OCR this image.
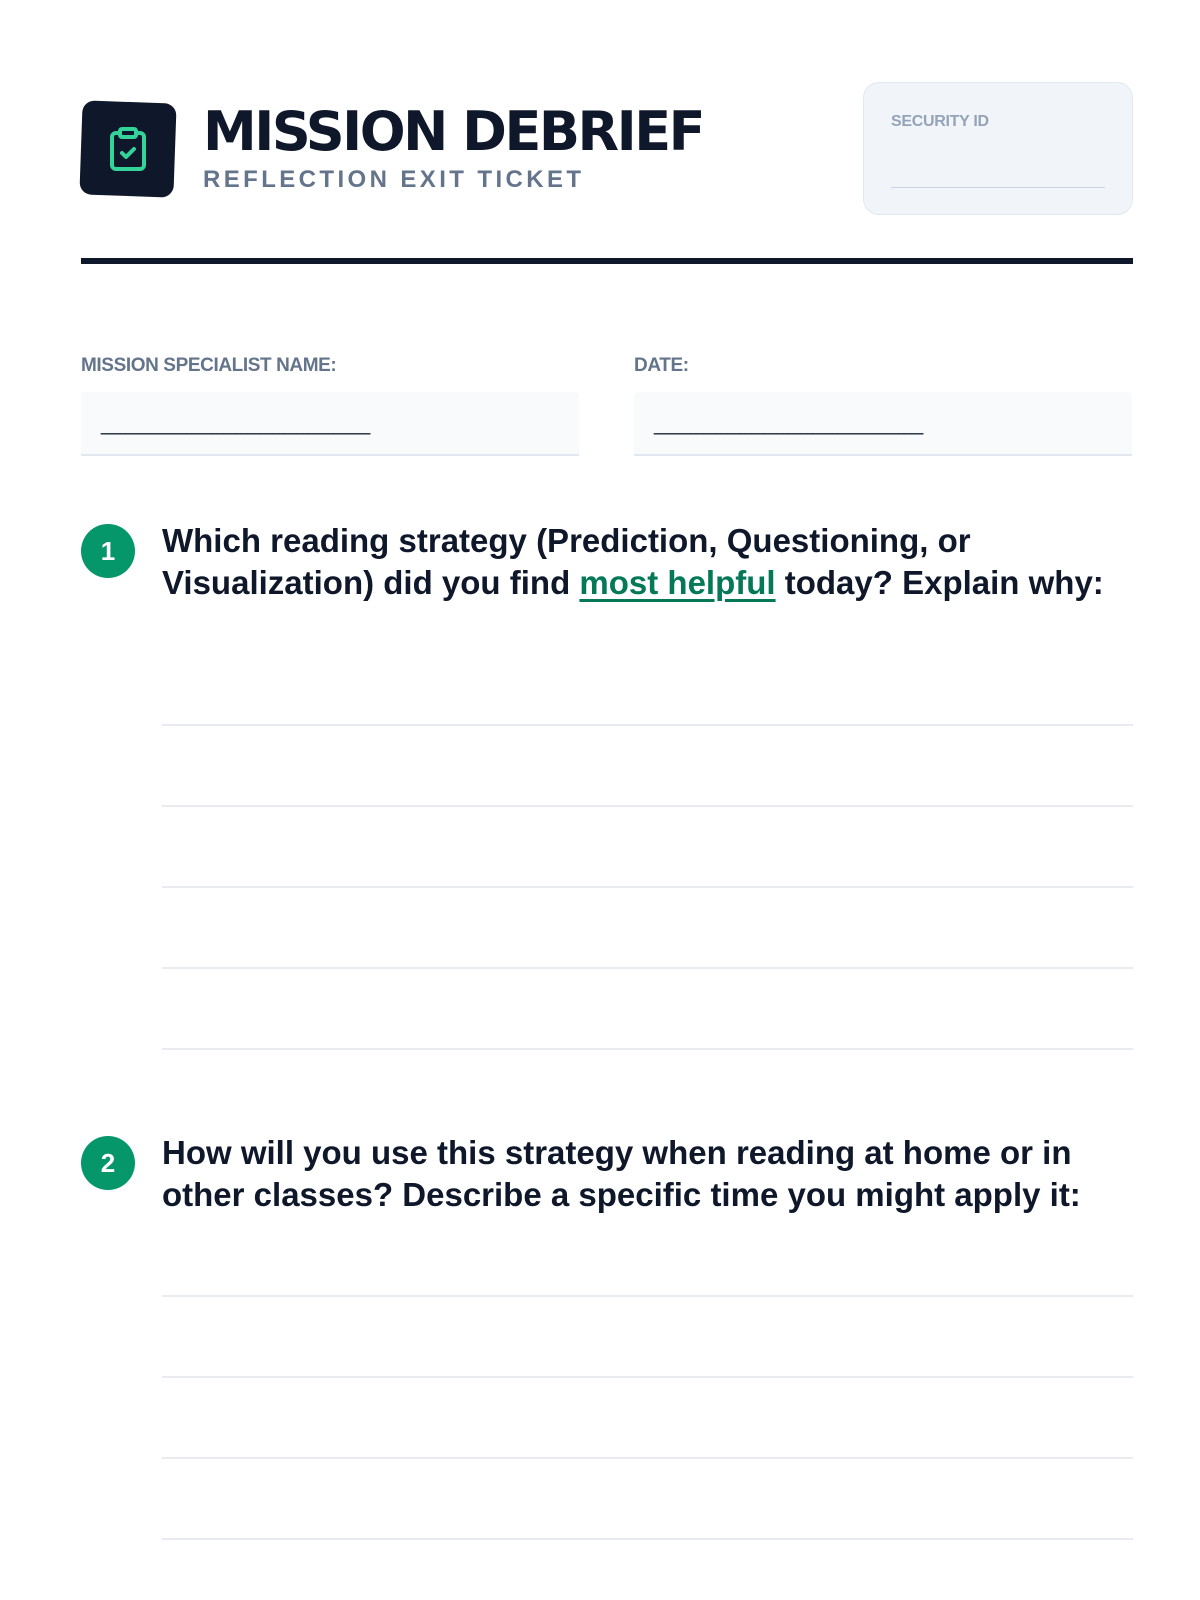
MISSION DEBRIEF
REFLECTION EXIT TICKET
SECURITY ID
MISSION SPECIALIST NAME:
______________________
DATE:
______________________
1	Which reading strategy (Prediction, Questioning, or Visualization) did you find most helpful today? Explain why:
2	How will you use this strategy when reading at home or in other classes? Describe a specific time you might apply it:
